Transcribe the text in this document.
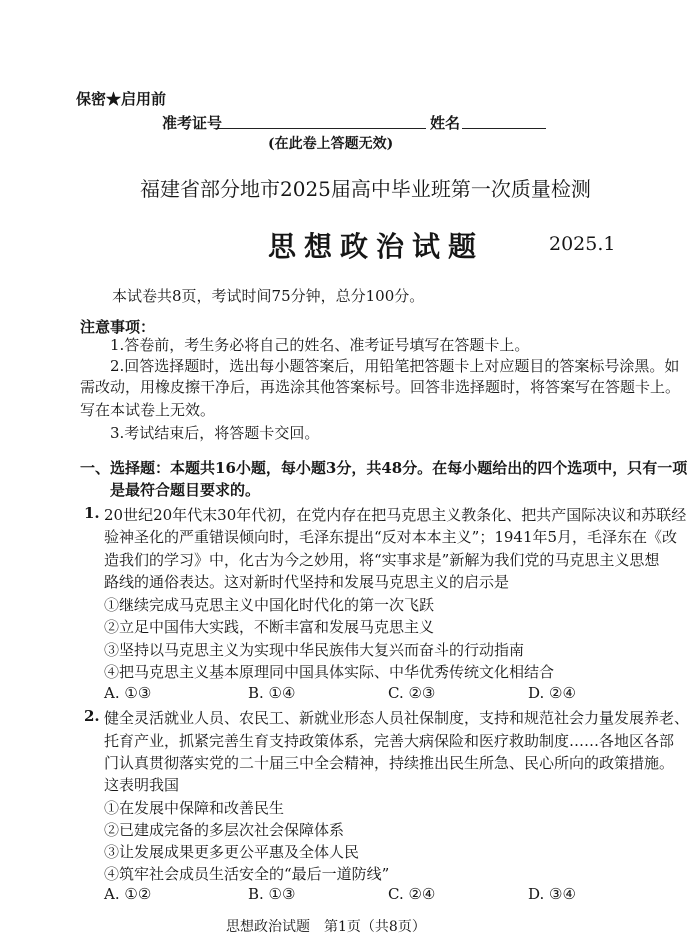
保密★启用前
准考证号	姓名
(在此卷上答题无效)
福建省部分地市2025届高中毕业班第一次质量检测
思想政治试题	2025.1
本试卷共8页，考试时间75分钟，总分100分。
注意事项：
1.答卷前，考生务必将自己的姓名、准考证号填写在答题卡上。
2.回答选择题时，选出每小题答案后，用铅笔把答题卡上对应题目的答案标号涂黑。如
需改动，用橡皮擦干净后，再选涂其他答案标号。回答非选择题时，将答案写在答题卡上。
写在本试卷上无效。
3.考试结束后，将答题卡交回。
一、选择题：本题共16小题，每小题3分，共48分。在每小题给出的四个选项中，只有一项
是最符合题目要求的。
1. 20世纪20年代末30年代初，在党内存在把马克思主义教条化、把共产国际决议和苏联经
验神圣化的严重错误倾向时，毛泽东提出“反对本本主义”；1941年5月，毛泽东在《改
造我们的学习》中，化古为今之妙用，将“实事求是”新解为我们党的马克思主义思想
路线的通俗表达。这对新时代坚持和发展马克思主义的启示是
①继续完成马克思主义中国化时代化的第一次飞跃
②立足中国伟大实践，不断丰富和发展马克思主义
③坚持以马克思主义为实现中华民族伟大复兴而奋斗的行动指南
④把马克思主义基本原理同中国具体实际、中华优秀传统文化相结合
A. ①③	B. ①④	C. ②③	D. ②④
2. 健全灵活就业人员、农民工、新就业形态人员社保制度，支持和规范社会力量发展养老、
托育产业，抓紧完善生育支持政策体系，完善大病保险和医疗救助制度……各地区各部
门认真贯彻落实党的二十届三中全会精神，持续推出民生所急、民心所向的政策措施。
这表明我国
①在发展中保障和改善民生
②已建成完备的多层次社会保障体系
③让发展成果更多更公平惠及全体人民
④筑牢社会成员生活安全的“最后一道防线”
A. ①②	B. ①③	C. ②④	D. ③④
思想政治试题　第1页（共8页）
